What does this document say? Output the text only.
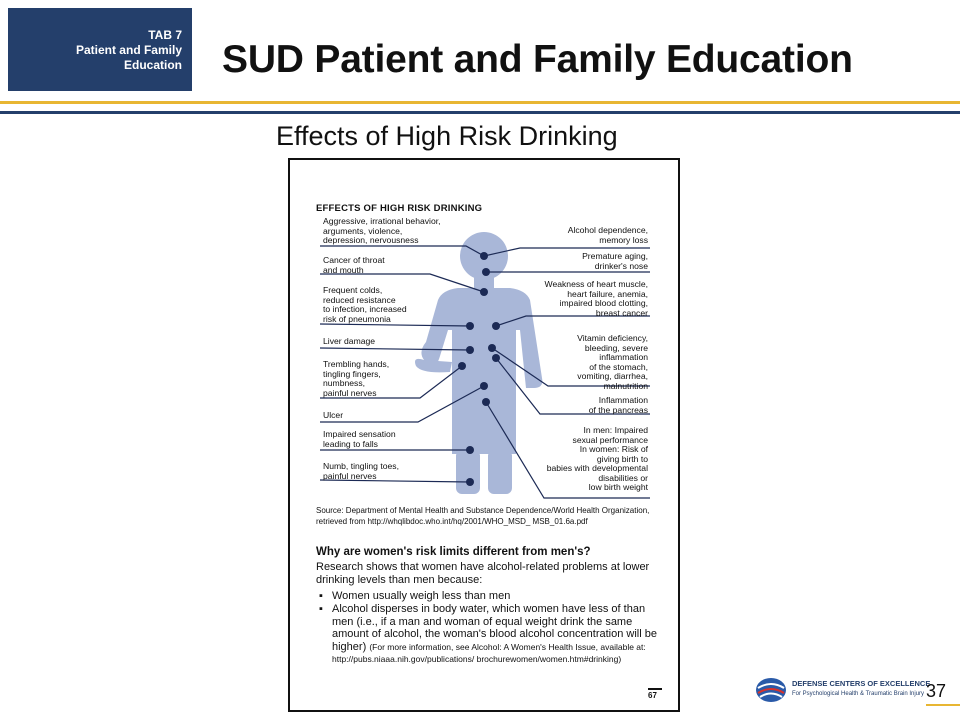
TAB 7
Patient and Family
Education SUD Patient and Family Education
Effects of High Risk Drinking
EFFECTS OF HIGH RISK DRINKING
Aggressive, irrational behavior,
arguments, violence,
depression, nervousness
Cancer of throat
and mouth
Frequent colds,
reduced resistance
to infection, increased
risk of pneumonia
Liver damage
Trembling hands,
tingling fingers,
numbness,
painful nerves
Ulcer
Impaired sensation
leading to falls
Numb, tingling toes,
painful nerves
Alcohol dependence,
memory loss
Premature aging,
drinker's nose
Weakness of heart muscle,
heart failure, anemia,
impaired blood clotting,
breast cancer
Vitamin deficiency,
bleeding, severe
inflammation
of the stomach,
vomiting, diarrhea,
malnutrition
Inflammation
of the pancreas
In men: Impaired
sexual performance
In women: Risk of
giving birth to
babies with developmental
disabilities or
low birth weight
Source: Department of Mental Health and Substance Dependence/World Health Organization, retrieved from http://whqlibdoc.who.int/hq/2001/WHO_MSD_ MSB_01.6a.pdf
Why are women's risk limits different from men's?
Research shows that women have alcohol-related problems at lower drinking levels than men because:
▪ Women usually weigh less than men
▪ Alcohol disperses in body water, which women have less of than men (i.e., if a man and woman of equal weight drink the same amount of alcohol, the woman's blood alcohol concentration will be higher) (For more information, see Alcohol: A Women's Health Issue, available at: http://pubs.niaaa.nih.gov/publications/ brochurewomen/women.htm#drinking)
67
DEFENSE CENTERS OF EXCELLENCE
For Psychological Health & Traumatic Brain Injury 37
